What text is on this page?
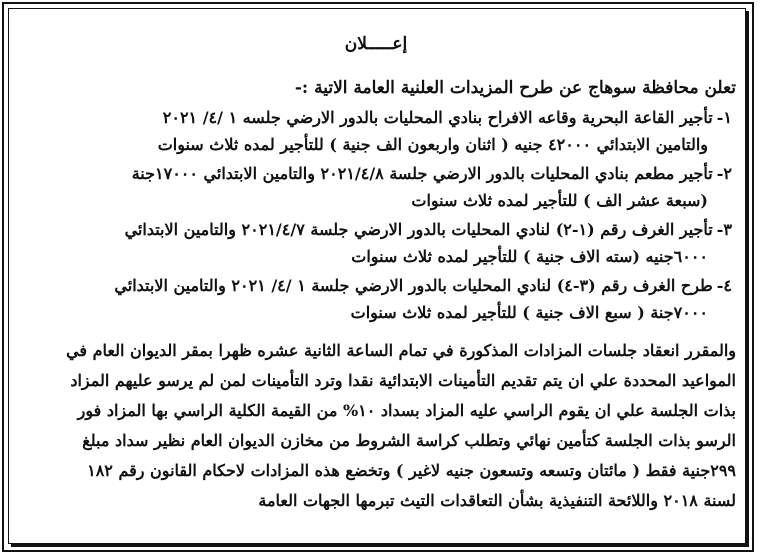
إعـــــلان
تعلن محافظة سوهاج عن طرح المزيدات العلنية العامة الاتية :-
١-تأجير القاعة البحرية وقاعه الافراح بنادي المحليات بالدور الارضي جلسه ١ /٤/ ٢٠٢١
والتامين الابتدائي ٤٢٠٠٠ جنيه ( اثنان واربعون الف جنية ) للتأجير لمده ثلاث سنوات
٢-تأجير مطعم بنادي المحليات بالدور الارضي جلسة ٢٠٢١/٤/٨ والتامين الابتدائي ١٧٠٠٠جنة
(سبعة عشر الف ) للتأجير لمده ثلاث سنوات
٣-تأجير الغرف رقم (١-٢) لنادي المحليات بالدور الارضي جلسة ٢٠٢١/٤/٧ والتامين الابتدائي
٦٠٠٠جنيه (سته الاف جنية ) للتأجير لمده ثلاث سنوات
٤-طرح الغرف رقم (٣-٤) لنادي المحليات بالدور الارضي جلسة ١ /٤/ ٢٠٢١ والتامين الابتدائي
٧٠٠٠جنة ( سبع الاف جنية ) للتأجير لمده ثلاث سنوات
والمقرر انعقاد جلسات المزادات المذكورة في تمام الساعة الثانية عشره ظهرا بمقر الديوان العام في
المواعيد المحددة علي ان يتم تقديم التأمينات الابتدائية نقدا وترد التأمينات لمن لم يرسو عليهم المزاد
بذات الجلسة علي ان يقوم الراسي عليه المزاد بسداد ١٠% من القيمة الكلية الراسي بها المزاد فور
الرسو بذات الجلسة كتأمين نهائي وتطلب كراسة الشروط من مخازن الديوان العام نظير سداد مبلغ
٢٩٩جنية فقط ( مائتان وتسعه وتسعون جنيه لاغير ) وتخضع هذه المزادات لاحكام القانون رقم ١٨٢
لسنة ٢٠١٨ واللائحة التنفيذية بشأن التعاقدات التيث تبرمها الجهات العامة
